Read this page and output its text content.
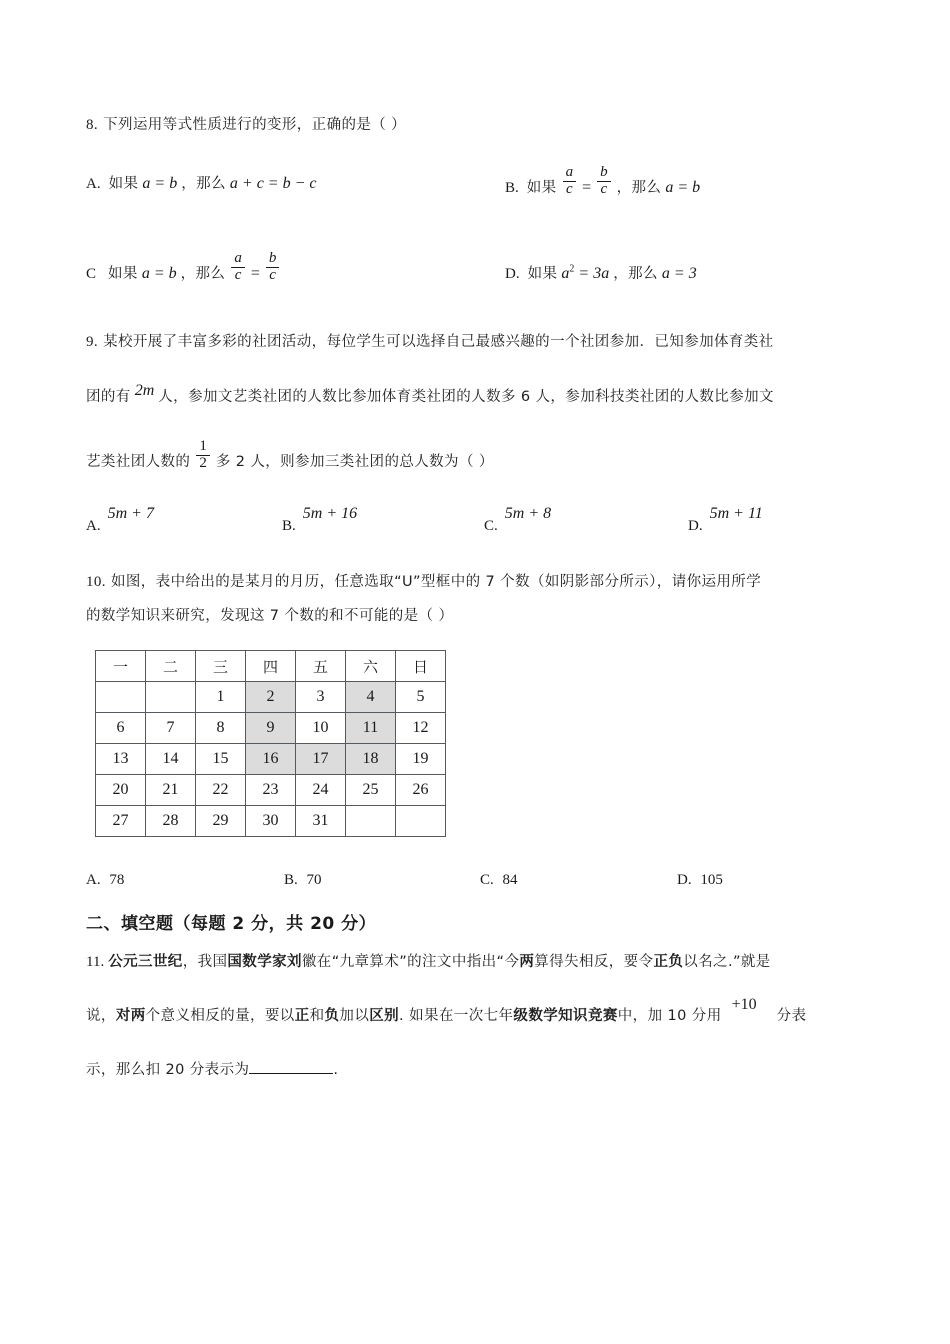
8. 下列运用等式性质进行的变形，正确的是（ ）
A. 如果 a = b ，那么 a + c = b − c	B. 如果 $\frac{a}{c} = \frac{b}{c}$ ，那么 a = b
C 如果 a = b ，那么 $\frac{a}{c} = \frac{b}{c}$	D. 如果 $a^2 = 3a$ ，那么 a = 3
9. 某校开展了丰富多彩的社团活动，每位学生可以选择自己最感兴趣的一个社团参加．已知参加体育类社
团的有 2m 人，参加文艺类社团的人数比参加体育类社团的人数多 6 人，参加科技类社团的人数比参加文
艺类社团人数的 $\frac{1}{2}$ 多 2 人，则参加三类社团的总人数为（ ）
A. 5m + 7
B. 5m + 16
C. 5m + 8
D. 5m + 11
10. 如图，表中给出的是某月的月历，任意选取“U”型框中的 7 个数（如阴影部分所示），请你运用所学
的数学知识来研究，发现这 7 个数的和不可能的是（ ）
一	二	三	四	五	六	日
		1	2	3	4	5
6	7	8	9	10	11	12
13	14	15	16	17	18	19
20	21	22	23	24	25	26
27	28	29	30	31		
A. 78	B. 70	C. 84	D. 105
二、填空题（每题 2 分，共 20 分）
11. 公元三世纪，我国国数学家刘徽在“九章算术”的注文中指出“今两算得失相反，要令正负以名之.”就是
说，对两个意义相反的量，要以正和负加以区别. 如果在一次七年级数学知识竞赛中，加 10 分用 +10 分表
示，那么扣 20 分表示为	.
